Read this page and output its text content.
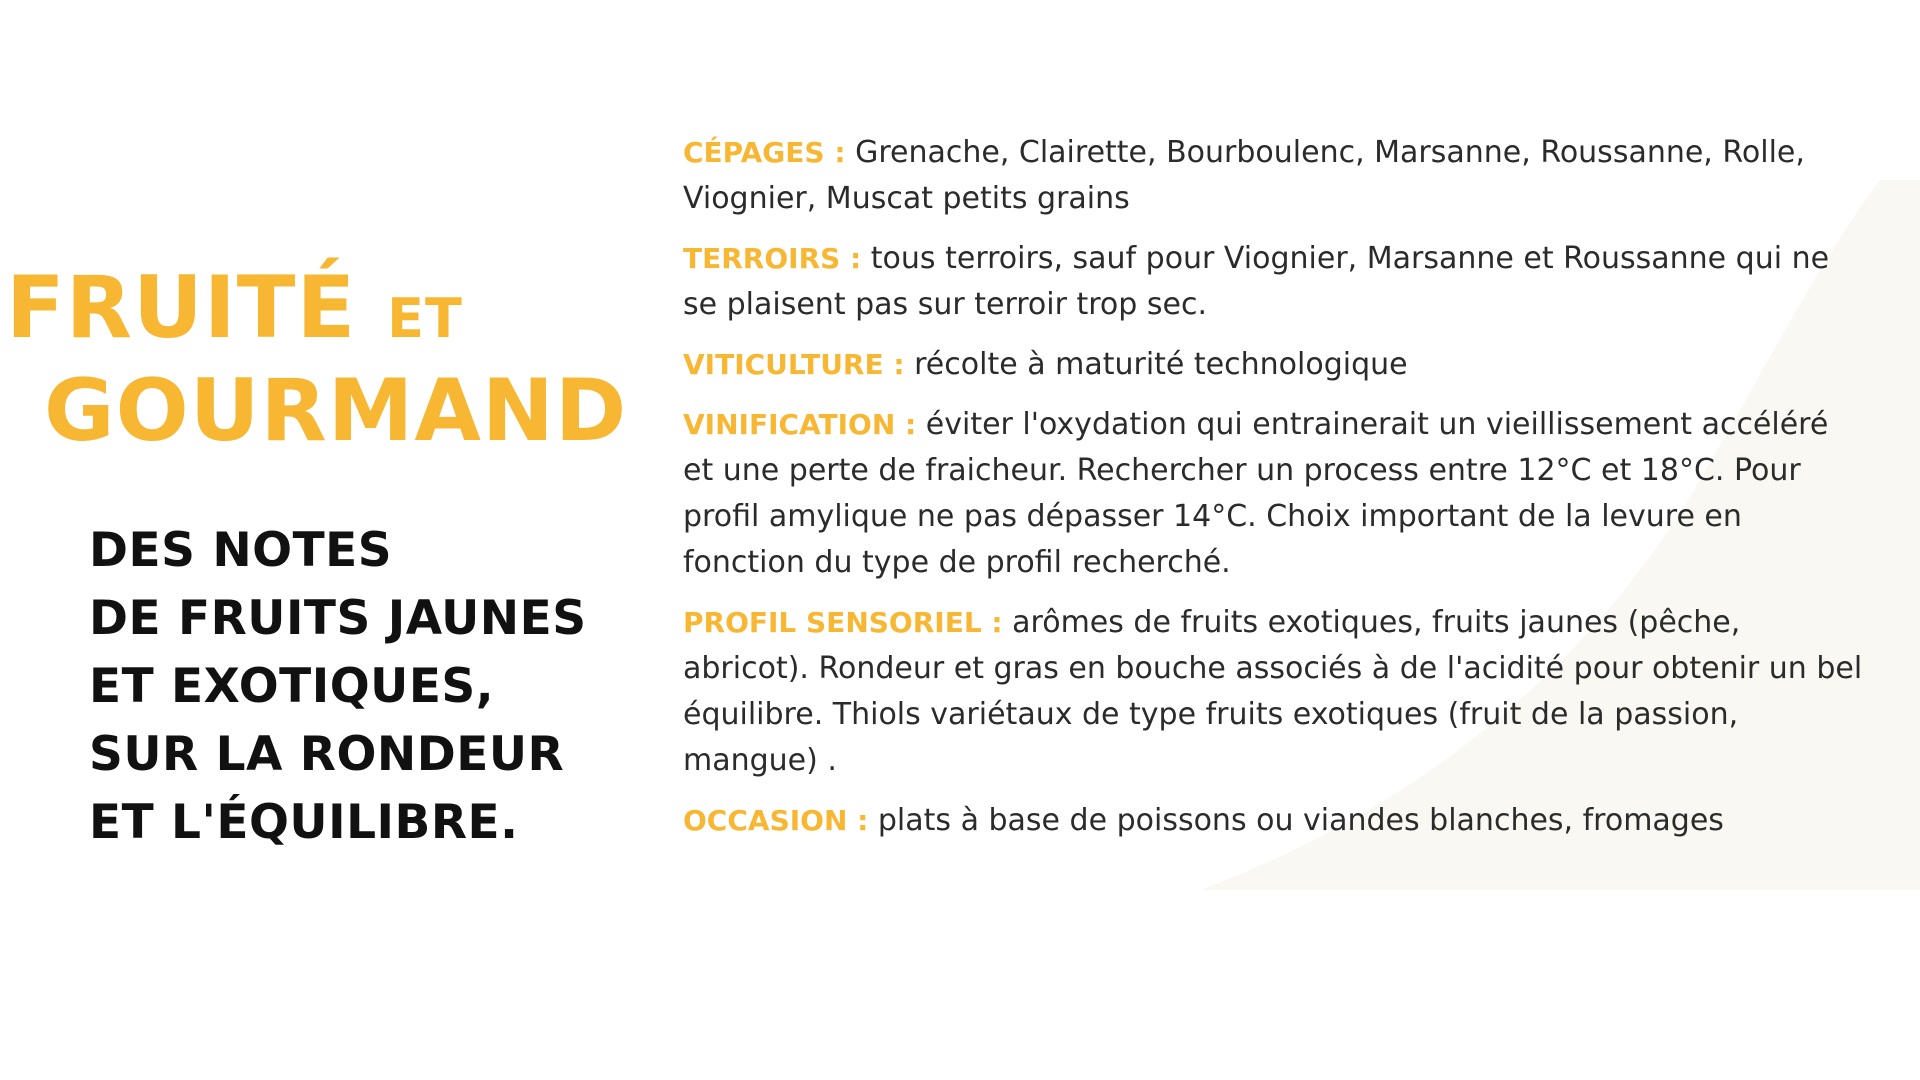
FRUITÉ ET
GOURMAND
DES NOTES
DE FRUITS JAUNES
ET EXOTIQUES,
SUR LA RONDEUR
ET L'ÉQUILIBRE.

CÉPAGES : Grenache, Clairette, Bourboulenc, Marsanne, Roussanne, Rolle, Viognier, Muscat petits grains

TERROIRS : tous terroirs, sauf pour Viognier, Marsanne et Roussanne qui ne se plaisent pas sur terroir trop sec.

VITICULTURE : récolte à maturité technologique

VINIFICATION : éviter l'oxydation qui entrainerait un vieillissement accéléré et une perte de fraicheur. Rechercher un process entre 12°C et 18°C. Pour profil amylique ne pas dépasser 14°C. Choix important de la levure en fonction du type de profil recherché.

PROFIL SENSORIEL : arômes de fruits exotiques, fruits jaunes (pêche, abricot). Rondeur et gras en bouche associés à de l'acidité pour obtenir un bel équilibre. Thiols variétaux de type fruits exotiques (fruit de la passion, mangue) .

OCCASION : plats à base de poissons ou viandes blanches, fromages
